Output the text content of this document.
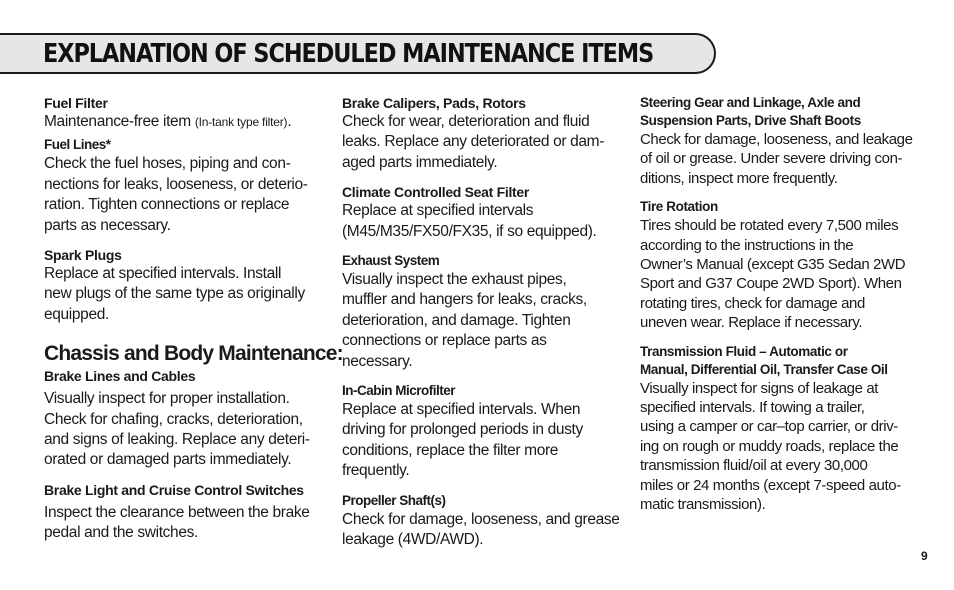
EXPLANATION OF SCHEDULED MAINTENANCE ITEMS
Fuel Filter
Maintenance-free item (In-tank type filter).
Fuel Lines*
Check the fuel hoses, piping and con-
nections for leaks, looseness, or deterio-
ration. Tighten connections or replace
parts as necessary.
Spark Plugs
Replace at specified intervals. Install
new plugs of the same type as originally
equipped.
Chassis and Body Maintenance:
Brake Lines and Cables
Visually inspect for proper installation.
Check for chafing, cracks, deterioration,
and signs of leaking. Replace any deteri-
orated or damaged parts immediately.
Brake Light and Cruise Control Switches
Inspect the clearance between the brake
pedal and the switches.
Brake Calipers, Pads, Rotors
Check for wear, deterioration and fluid
leaks. Replace any deteriorated or dam-
aged parts immediately.
Climate Controlled Seat Filter
Replace at specified intervals
(M45/M35/FX50/FX35, if so equipped).
Exhaust System
Visually inspect the exhaust pipes,
muffler and hangers for leaks, cracks,
deterioration, and damage. Tighten
connections or replace parts as
necessary.
In-Cabin Microfilter
Replace at specified intervals. When
driving for prolonged periods in dusty
conditions, replace the filter more
frequently.
Propeller Shaft(s)
Check for damage, looseness, and grease
leakage (4WD/AWD).
Steering Gear and Linkage, Axle and
Suspension Parts, Drive Shaft Boots
Check for damage, looseness, and leakage
of oil or grease. Under severe driving con-
ditions, inspect more frequently.
Tire Rotation
Tires should be rotated every 7,500 miles
according to the instructions in the
Owner’s Manual (except G35 Sedan 2WD
Sport and G37 Coupe 2WD Sport). When
rotating tires, check for damage and
uneven wear. Replace if necessary.
Transmission Fluid – Automatic or
Manual, Differential Oil, Transfer Case Oil
Visually inspect for signs of leakage at
specified intervals. If towing a trailer,
using a camper or car–top carrier, or driv-
ing on rough or muddy roads, replace the
transmission fluid/oil at every 30,000
miles or 24 months (except 7-speed auto-
matic transmission).
9
